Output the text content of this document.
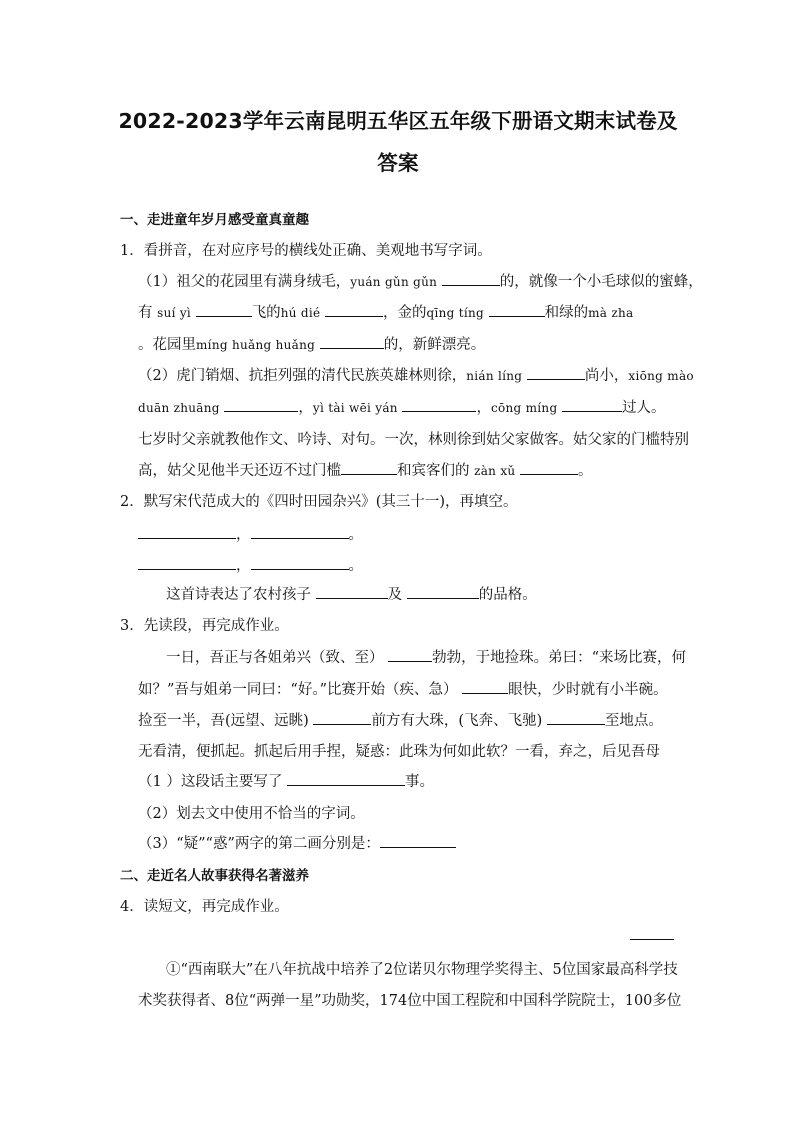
2022-2023学年云南昆明五华区五年级下册语文期末试卷及
答案
一、走进童年岁月感受童真童趣
1．看拼音，在对应序号的横线处正确、美观地书写字词。
（1）祖父的花园里有满身绒毛，yuán gǔn gǔn	的，就像一个小毛球似的蜜蜂，
有 suí yì	飞的hú dié	，金的qīng tíng	和绿的mà zha
。花园里míng huǎng huǎng	的，新鲜漂亮。
（2）虎门销烟、抗拒列强的清代民族英雄林则徐，nián líng	尚小，xiōng mào
duān zhuāng	，yì tài wēi yán	，cōng míng	过人。
七岁时父亲就教他作文、吟诗、对句。一次，林则徐到姑父家做客。姑父家的门槛特别
高，姑父见他半天还迈不过门槛	和宾客们的 zàn xǔ	。
2．默写宋代范成大的《四时田园杂兴》(其三十一)，再填空。
，	。
，	。
这首诗表达了农村孩子	及	的品格。
3．先读段，再完成作业。
一日，吾正与各姐弟兴（致、至）	勃勃，于地捡珠。弟曰：“来场比赛，何
如？”吾与姐弟一同曰：“好。”比赛开始（疾、急）	眼快，少时就有小半碗。
捡至一半，吾(远望、远眺)	前方有大珠，(飞奔、飞驰)	至地点。
无看清，便抓起。抓起后用手捏，疑惑：此珠为何如此软？一看，弃之，后见吾母
（1 ）这段话主要写了	事。
（2）划去文中使用不恰当的字词。
（3）“疑”“惑”两字的第二画分别是：
二、走近名人故事获得名著滋养
4．读短文，再完成作业。
①“西南联大”在八年抗战中培养了2位诺贝尔物理学奖得主、5位国家最高科学技
术奖获得者、8位“两弹一星”功勋奖，174位中国工程院和中国科学院院士，100多位
